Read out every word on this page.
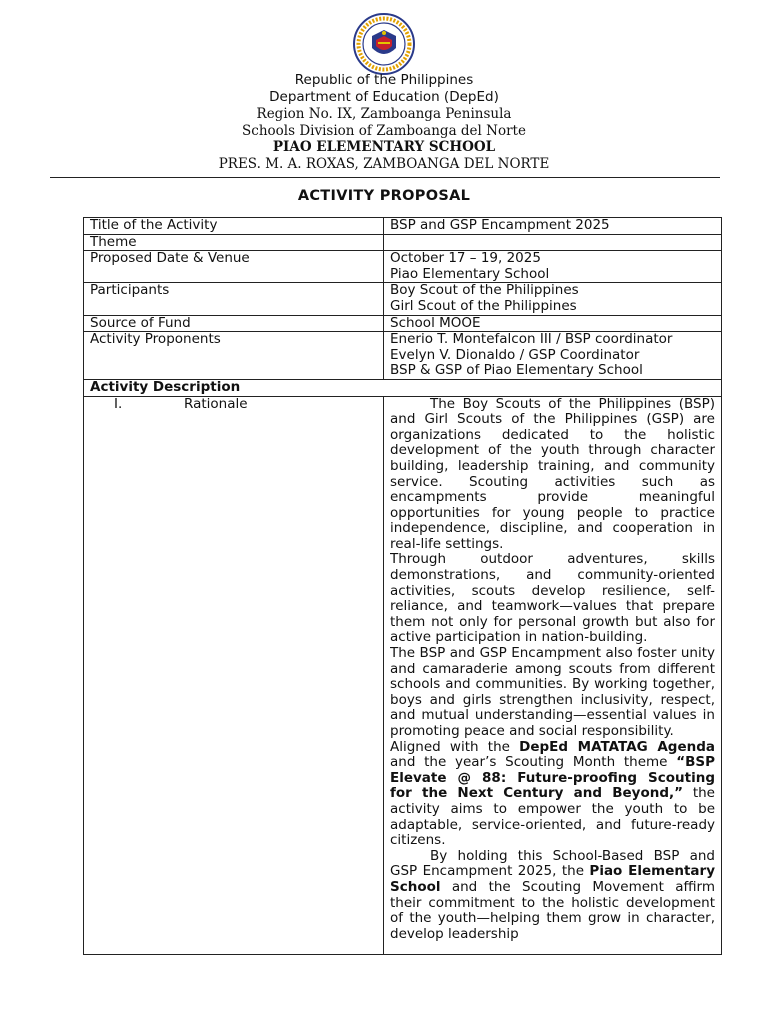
Republic of the Philippines
Department of Education (DepEd)
Region No. IX, Zamboanga Peninsula
Schools Division of Zamboanga del Norte
PIAO ELEMENTARY SCHOOL
PRES. M. A. ROXAS, ZAMBOANGA DEL NORTE
ACTIVITY PROPOSAL
Title of the Activity	BSP and GSP Encampment 2025
Theme	
Proposed Date & Venue	October 17 – 19, 2025
Piao Elementary School

Participants	Boy Scout of the Philippines
Girl Scout of the Philippines

Source of Fund	School MOOE
Activity Proponents	Enerio T. Montefalcon III / BSP coordinator
Evelyn V. Dionaldo / GSP Coordinator
BSP & GSP of Piao Elementary School

Activity Description	
I. Rationale	The Boy Scouts of the Philippines (BSP) and Girl Scouts of the Philippines (GSP) are organizations dedicated to the holistic development of the youth through character building, leadership training, and community service. Scouting activities such as encampments provide meaningful opportunities for young people to practice independence, discipline, and cooperation in real-life settings.

Through outdoor adventures, skills demonstrations, and community-oriented activities, scouts develop resilience, self-reliance, and teamwork—values that prepare them not only for personal growth but also for active participation in nation-building.

The BSP and GSP Encampment also foster unity and camaraderie among scouts from different schools and communities. By working together, boys and girls strengthen inclusivity, respect, and mutual understanding—essential values in promoting peace and social responsibility.

Aligned with the DepEd MATATAG Agenda and the year’s Scouting Month theme “BSP Elevate @ 88: Future-proofing Scouting for the Next Century and Beyond,” the activity aims to empower the youth to be adaptable, service-oriented, and future-ready citizens.

By holding this School-Based BSP and GSP Encampment 2025, the Piao Elementary School and the Scouting Movement affirm their commitment to the holistic development of the youth—helping them grow in character, develop leadership
